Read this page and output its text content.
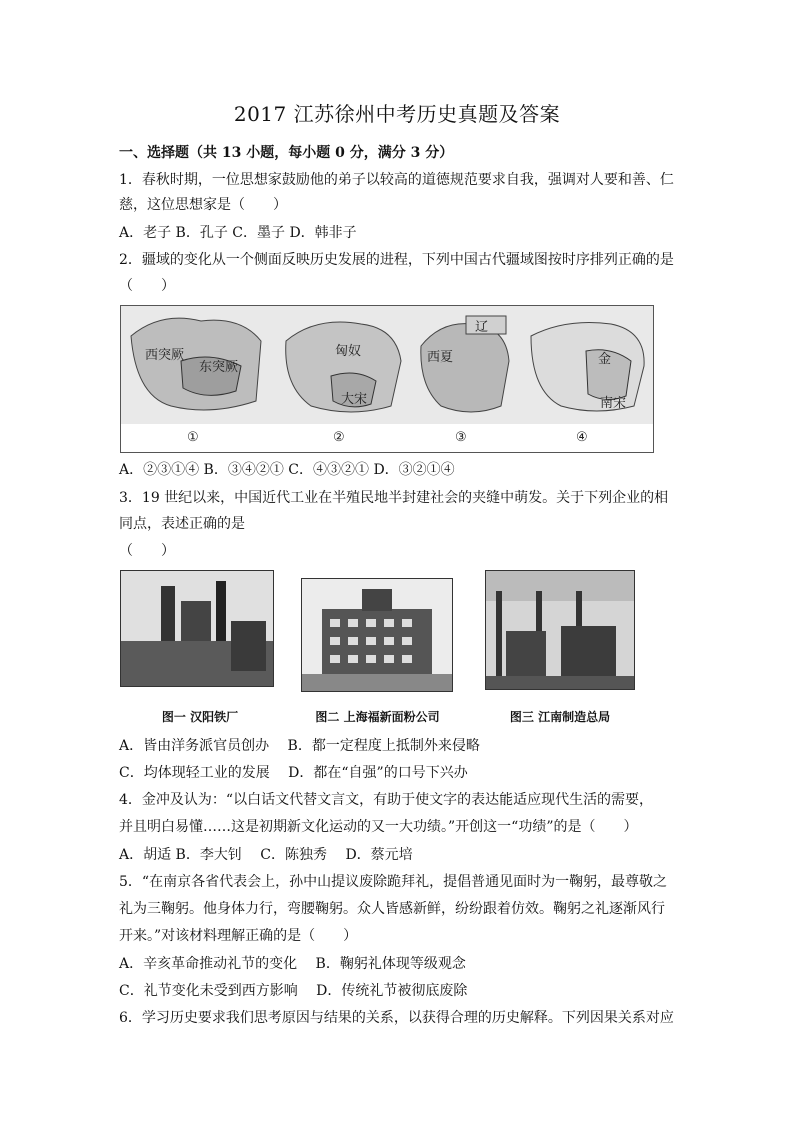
2017 江苏徐州中考历史真题及答案
一、选择题（共 13 小题，每小题 0 分，满分 3 分）
1．春秋时期，一位思想家鼓励他的弟子以较高的道德规范要求自我，强调对人要和善、仁
慈，这位思想家是（　　）
A．老子 B．孔子 C．墨子 D．韩非子
2．疆域的变化从一个侧面反映历史发展的进程，下列中国古代疆域图按时序排列正确的是
（　　）
西突厥
东突厥
①
匈奴
大宋
②
辽
西夏
③
金
南宋
④
A．②③①④ B．③④②① C．④③②① D．③②①④
3．19 世纪以来，中国近代工业在半殖民地半封建社会的夹缝中萌发。关于下列企业的相
同点，表述正确的是
（　　）
图一 汉阳铁厂	图二 上海福新面粉公司	图三 江南制造总局
A．皆由洋务派官员创办　 B．都一定程度上抵制外来侵略
C．均体现轻工业的发展　 D．都在“自强”的口号下兴办
4．金冲及认为：“以白话文代替文言文，有助于使文字的表达能适应现代生活的需要，
并且明白易懂……这是初期新文化运动的又一大功绩。”开创这一“功绩”的是（　　）
A．胡适 B．李大钊　 C．陈独秀　 D．蔡元培
5．“在南京各省代表会上，孙中山提议废除跪拜礼，提倡普通见面时为一鞠躬，最尊敬之
礼为三鞠躬。他身体力行，弯腰鞠躬。众人皆感新鲜，纷纷跟着仿效。鞠躬之礼逐渐风行
开来。”对该材料理解正确的是（　　）
A．辛亥革命推动礼节的变化　 B．鞠躬礼体现等级观念
C．礼节变化未受到西方影响　 D．传统礼节被彻底废除
6．学习历史要求我们思考原因与结果的关系，以获得合理的历史解释。下列因果关系对应
